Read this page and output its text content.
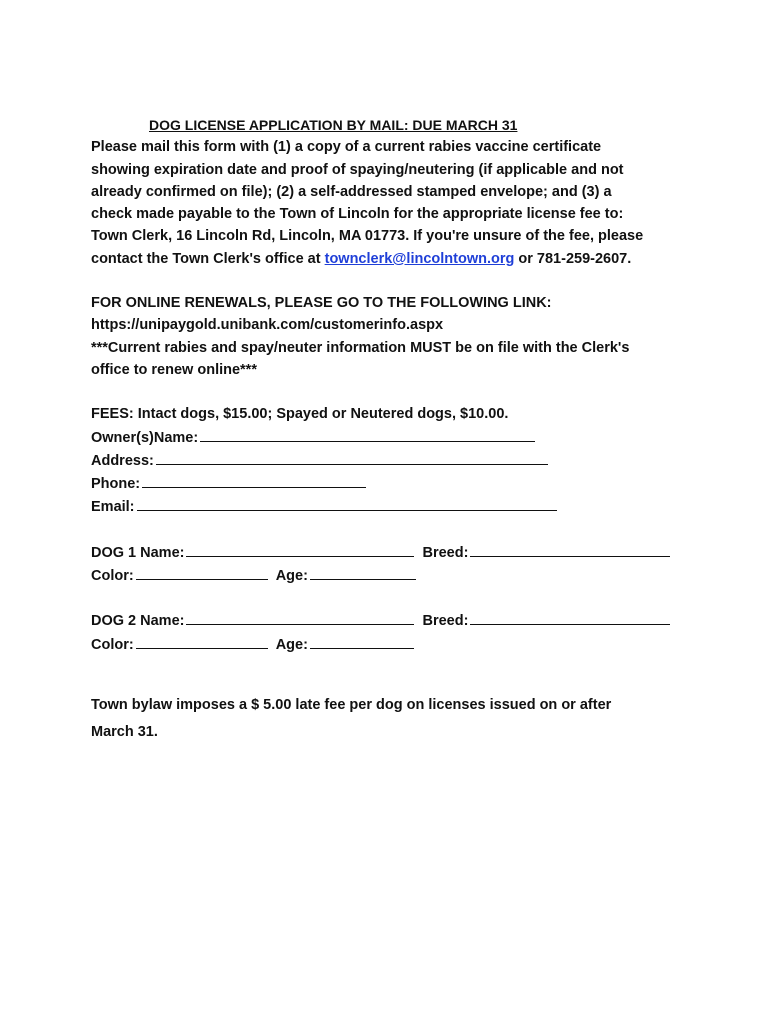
DOG LICENSE APPLICATION BY MAIL: DUE MARCH 31
Please mail this form with (1) a copy of a current rabies vaccine certificate
showing expiration date and proof of spaying/neutering (if applicable and not
already confirmed on file); (2) a self-addressed stamped envelope; and (3) a
check made payable to the Town of Lincoln for the appropriate license fee to:
Town Clerk, 16 Lincoln Rd, Lincoln, MA 01773. If you're unsure of the fee, please
contact the Town Clerk's office at townclerk@lincolntown.org or 781-259-2607.
FOR ONLINE RENEWALS, PLEASE GO TO THE FOLLOWING LINK:
https://unipaygold.unibank.com/customerinfo.aspx
***Current rabies and spay/neuter information MUST be on file with the Clerk's
office to renew online***
FEES: Intact dogs, $15.00; Spayed or Neutered dogs, $10.00.
Owner(s)Name:
Address:
Phone:
Email:
DOG 1 Name:	Breed:
Color:	Age:
DOG 2 Name:	Breed:
Color:	Age:
Town bylaw imposes a $ 5.00 late fee per dog on licenses issued on or after
March 31.
